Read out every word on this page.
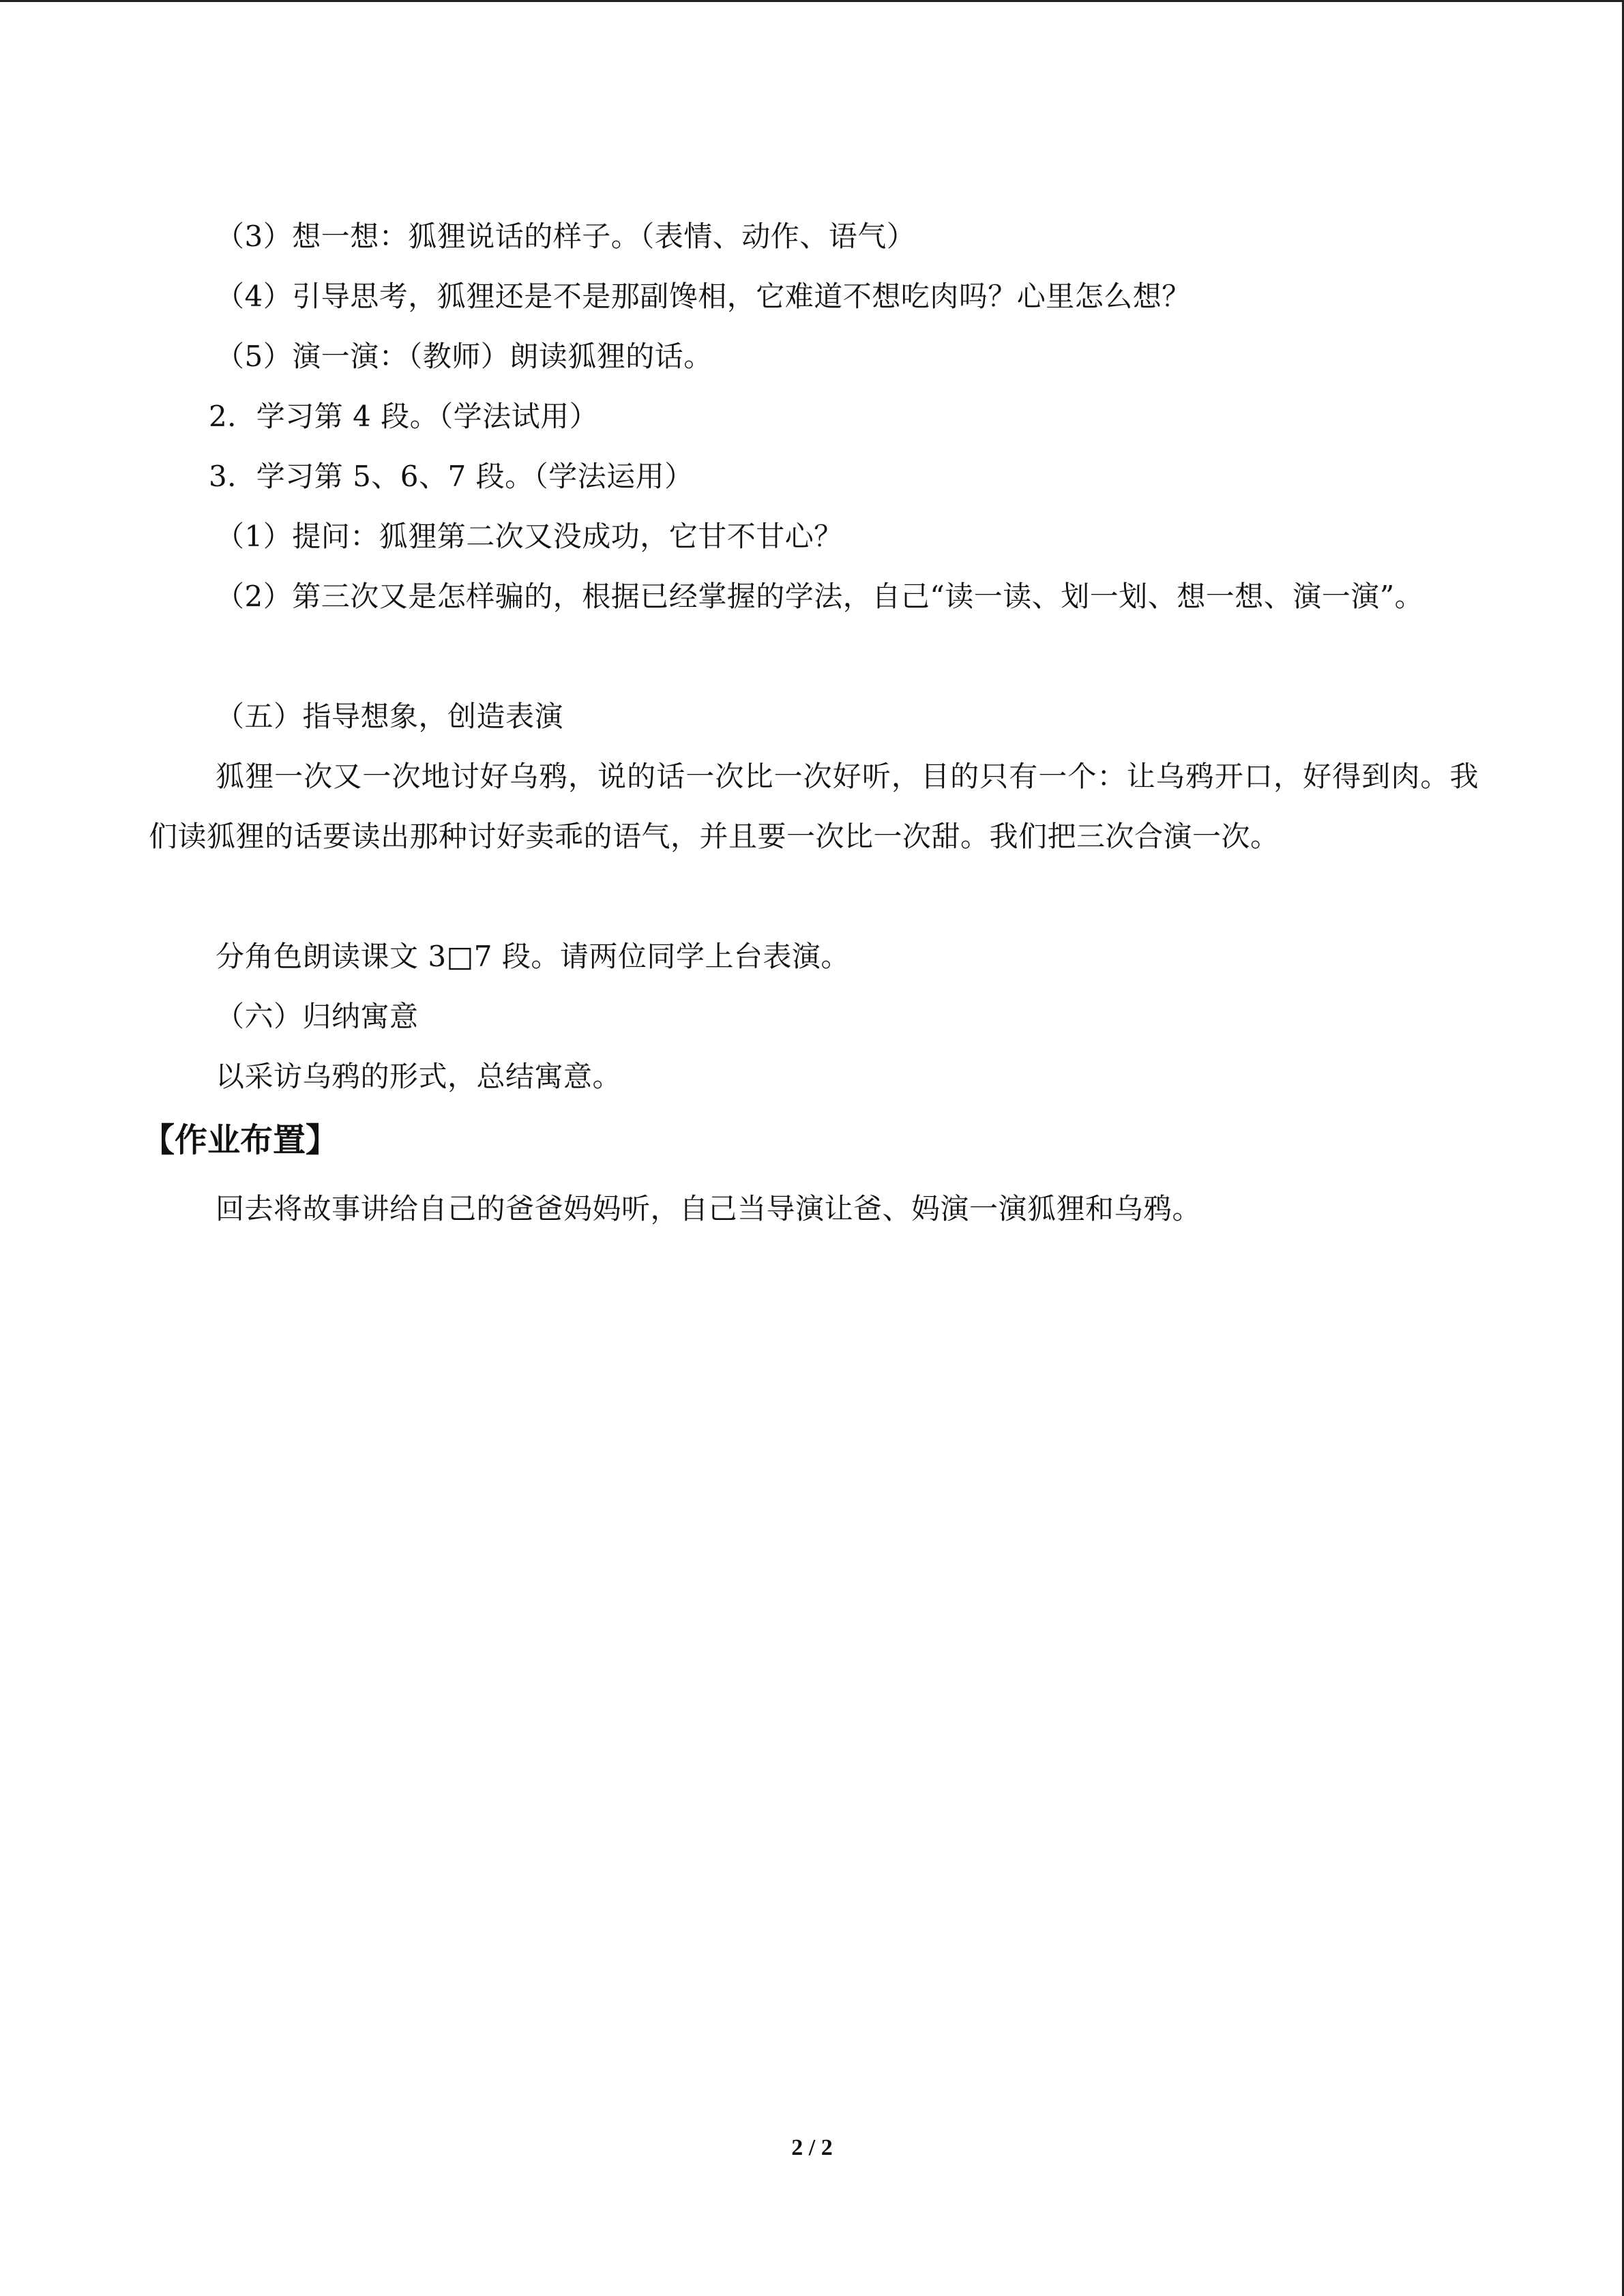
（3）想一想：狐狸说话的样子。（表情、动作、语气）
（4）引导思考，狐狸还是不是那副馋相，它难道不想吃肉吗？心里怎么想？
（5）演一演：（教师）朗读狐狸的话。
2．学习第 4 段。（学法试用）
3．学习第 5、6、7 段。（学法运用）
（1）提问：狐狸第二次又没成功，它甘不甘心？
（2）第三次又是怎样骗的，根据已经掌握的学法，自己“读一读、划一划、想一想、演一演”。
（五）指导想象，创造表演
狐狸一次又一次地讨好乌鸦，说的话一次比一次好听，目的只有一个：让乌鸦开口，好得到肉。我们读狐狸的话要读出那种讨好卖乖的语气，并且要一次比一次甜。我们把三次合演一次。
分角色朗读课文 3□7 段。请两位同学上台表演。
（六）归纳寓意
以采访乌鸦的形式，总结寓意。
【作业布置】
回去将故事讲给自己的爸爸妈妈听，自己当导演让爸、妈演一演狐狸和乌鸦。
2 / 2
